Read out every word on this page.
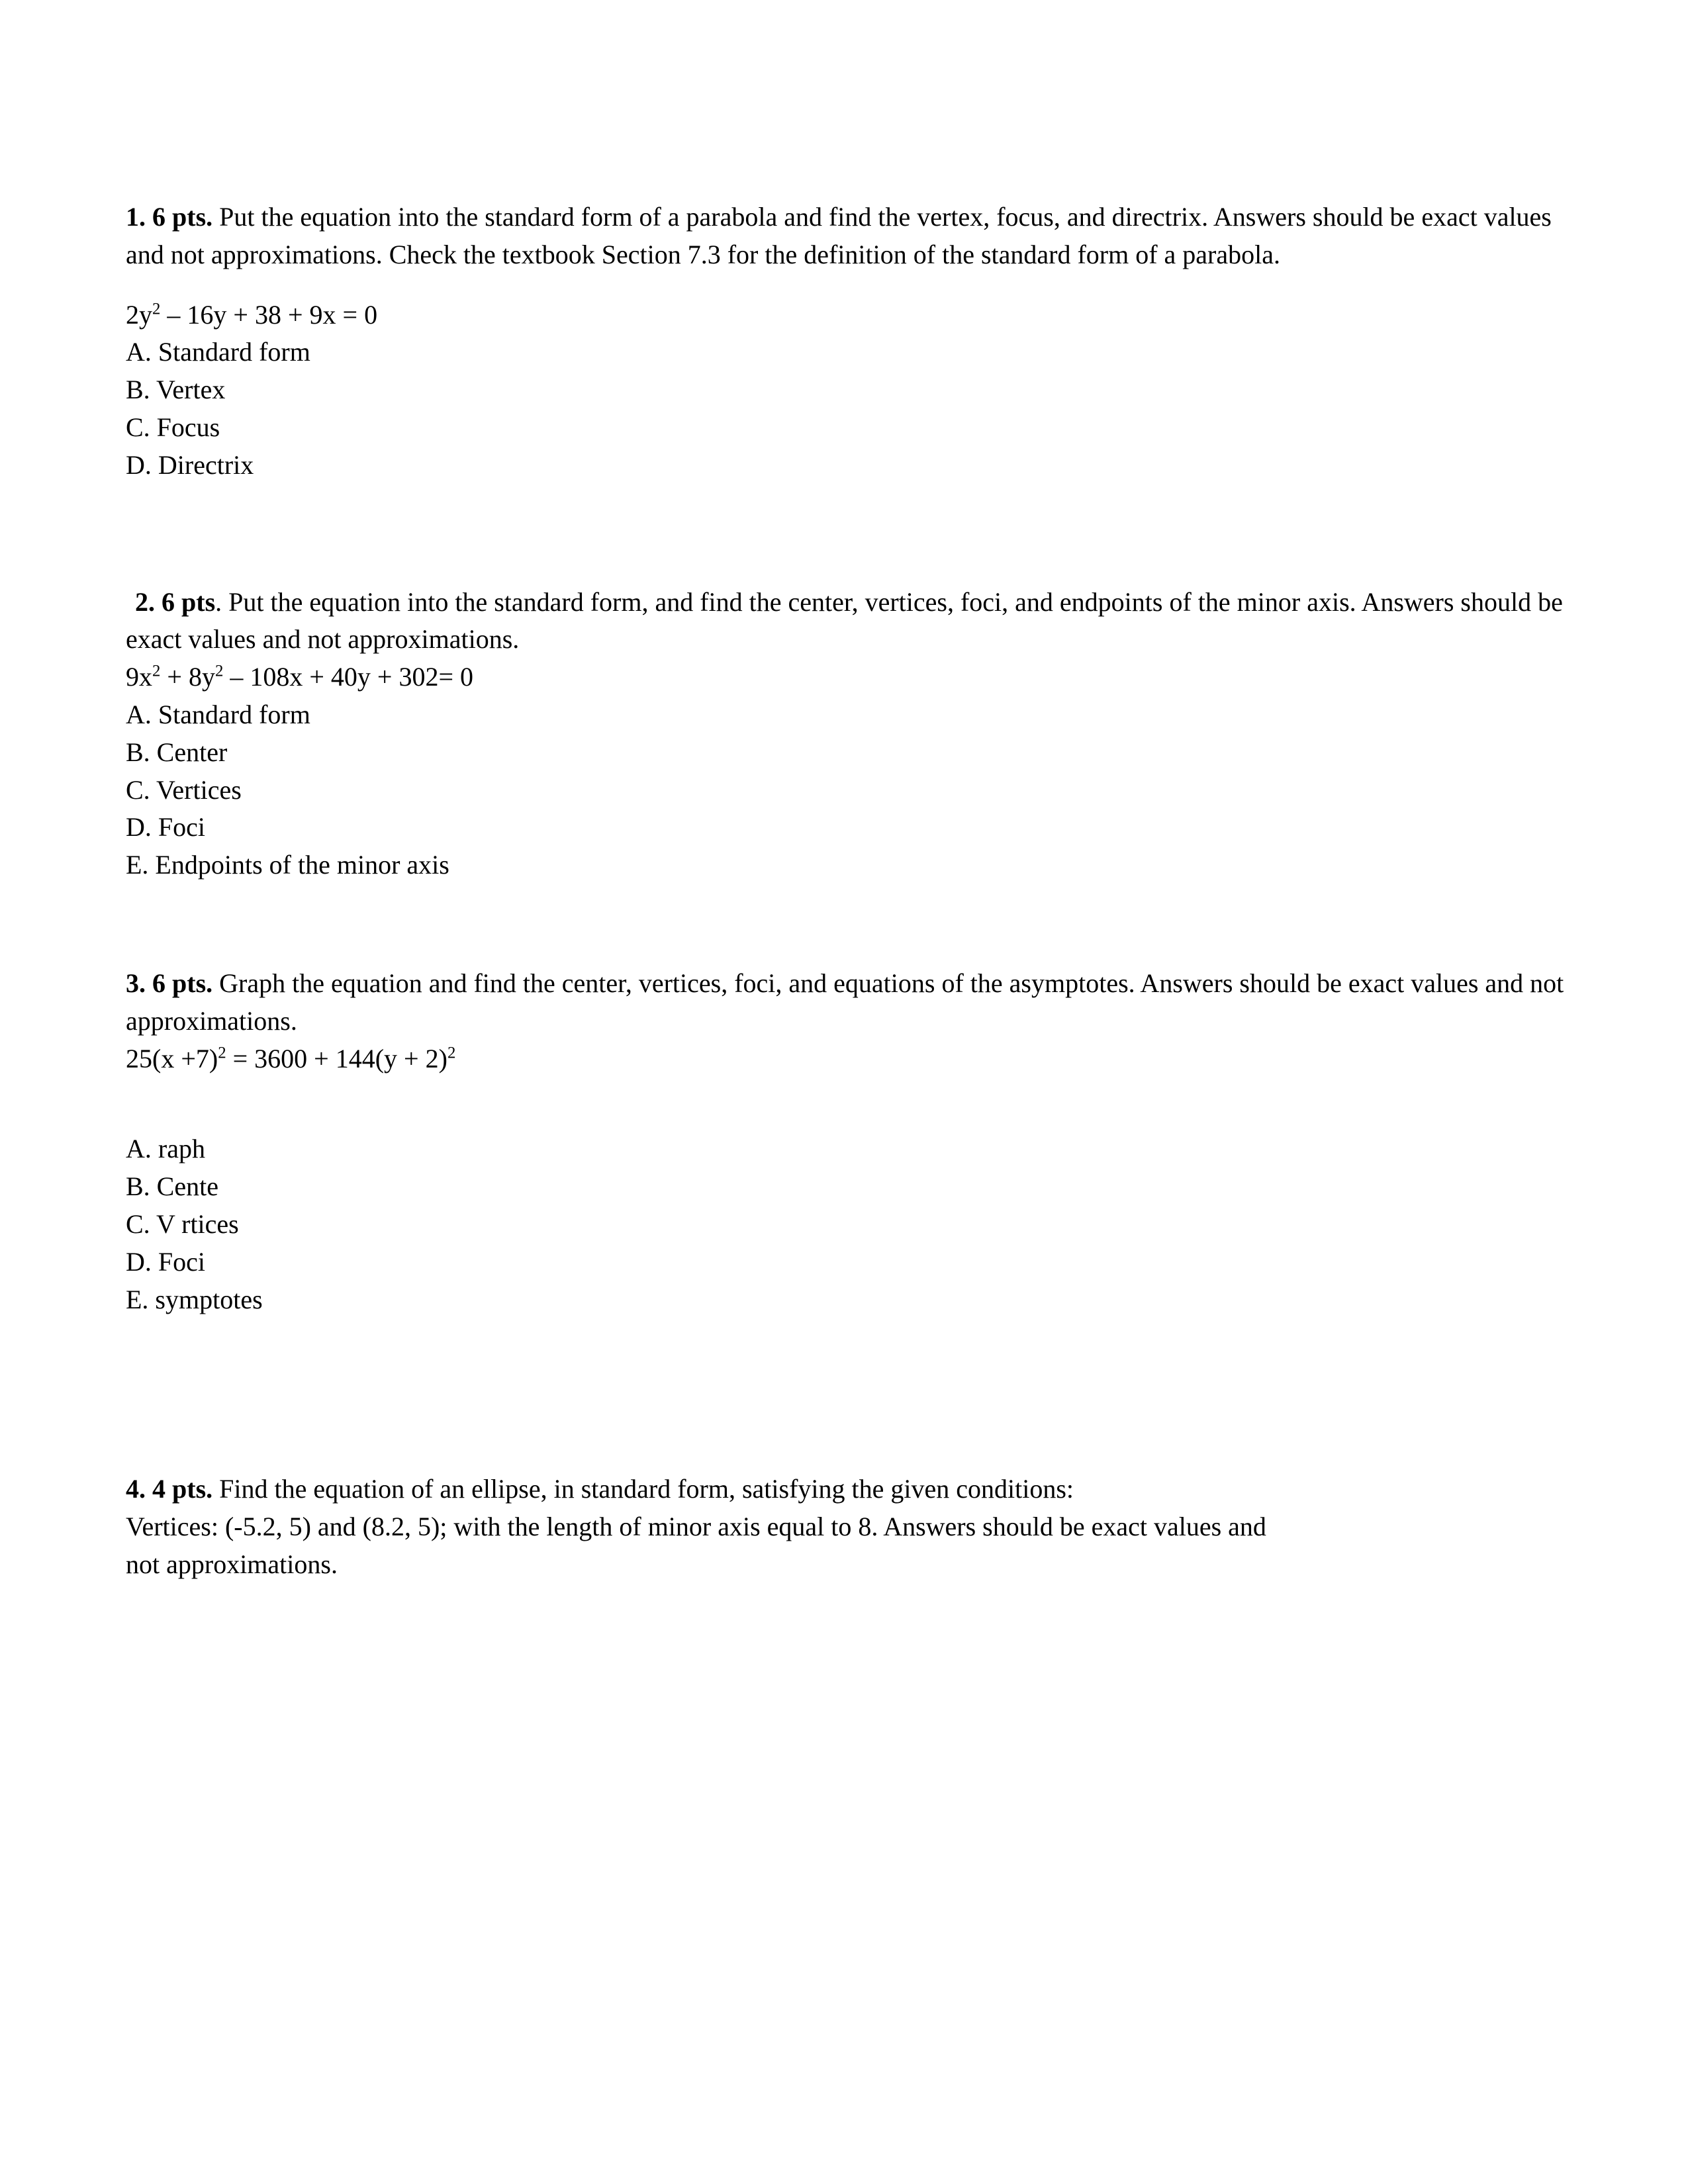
1. 6 pts. Put the equation into the standard form of a parabola and find the vertex, focus, and directrix. Answers should be exact values and not approximations. Check the textbook Section 7.3 for the definition of the standard form of a parabola.

$2y^2 - 16y + 38 + 9x = 0$

A. Standard form
B. Vertex
C. Focus
D. Directrix

2. 6 pts. Put the equation into the standard form, and find the center, vertices, foci, and endpoints of the minor axis. Answers should be exact values and not approximations.

$9x^2 + 8y^2 - 108x + 40y + 302= 0$

A. Standard form
B. Center
C. Vertices
D. Foci
E. Endpoints of the minor axis

3. 6 pts. Graph the equation and find the center, vertices, foci, and equations of the asymptotes. Answers should be exact values and not approximations.

$25(x +7)^2 = 3600 + 144(y + 2)^2$

A. raph
B. Cente
C. V rtices
D. Foci
E. symptotes

4. 4 pts. Find the equation of an ellipse, in standard form, satisfying the given conditions:

Vertices: (-5.2, 5) and (8.2, 5); with the length of minor axis equal to 8. Answers should be exact values and

not approximations.
